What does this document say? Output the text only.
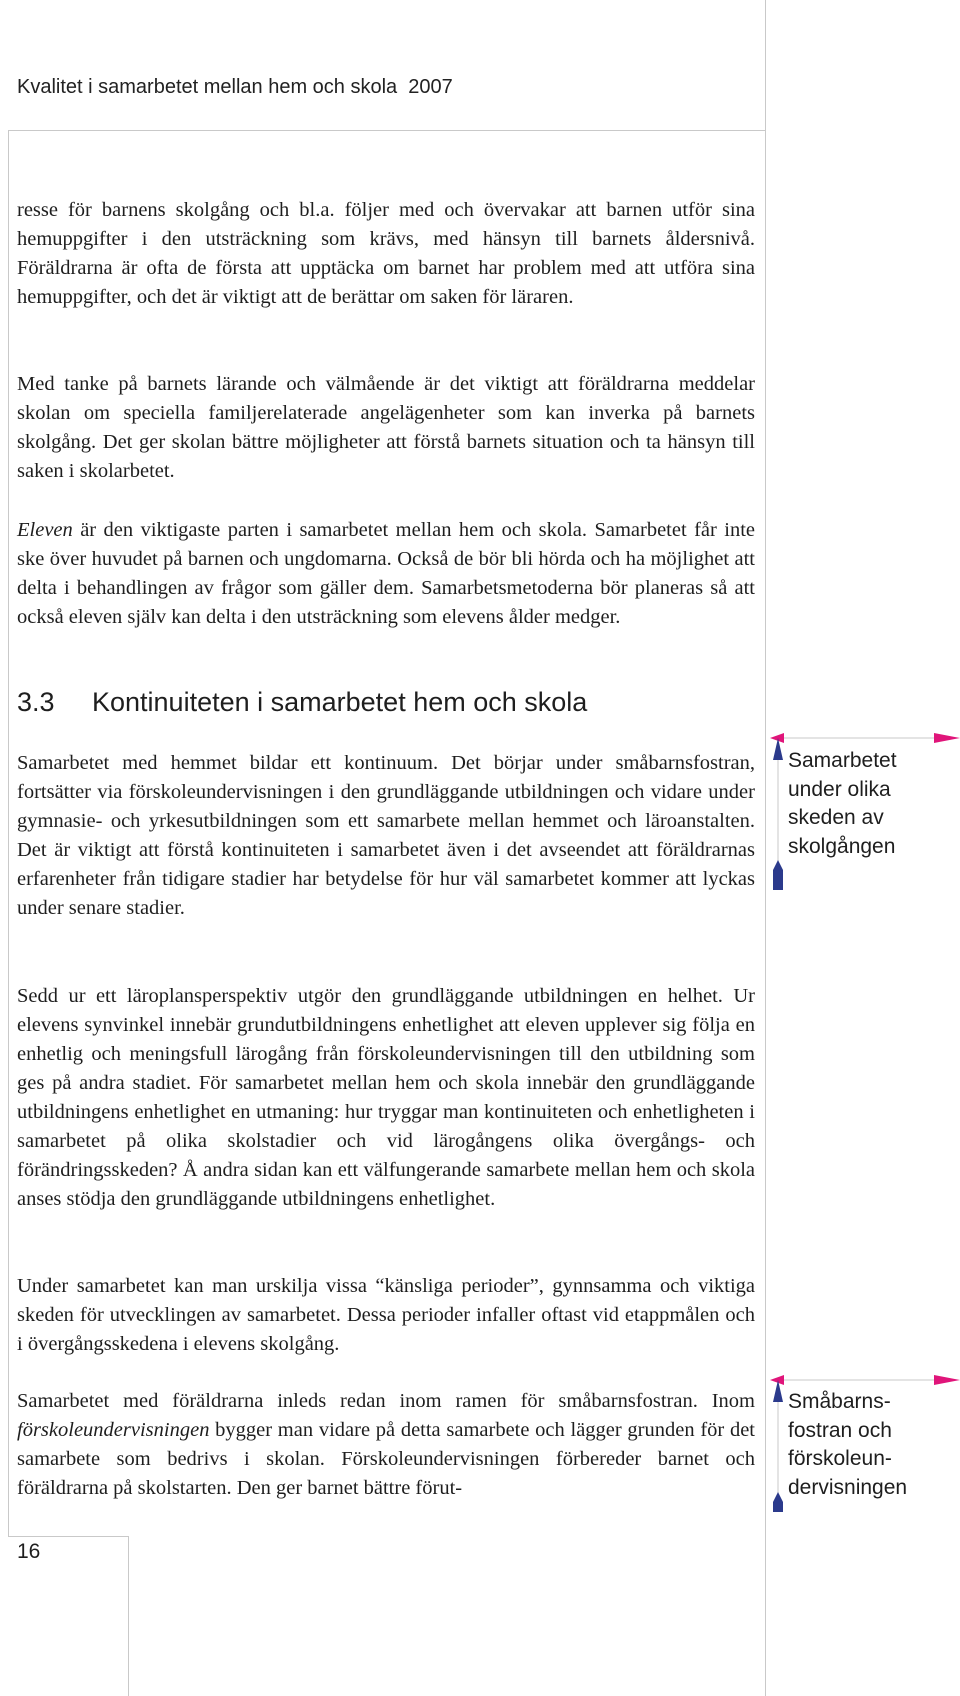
Kvalitet i samarbetet mellan hem och skola  2007

resse för barnens skolgång och bl.a. följer med och övervakar att barnen utför sina hemuppgifter i den utsträckning som krävs, med hänsyn till barnets åldersnivå. Föräldrarna är ofta de första att upptäcka om barnet har problem med att utföra sina hemuppgifter, och det är viktigt att de berättar om saken för läraren.

Med tanke på barnets lärande och välmående är det viktigt att föräldrarna meddelar skolan om speciella familjerelaterade angelägenheter som kan inverka på barnets skolgång. Det ger skolan bättre möjligheter att förstå barnets situation och ta hänsyn till saken i skolarbetet.

Eleven är den viktigaste parten i samarbetet mellan hem och skola. Samarbetet får inte ske över huvudet på barnen och ungdomarna. Också de bör bli hörda och ha möjlighet att delta i behandlingen av frågor som gäller dem. Samarbetsmetoderna bör planeras så att också eleven själv kan delta i den utsträckning som elevens ålder medger.

3.3 Kontinuiteten i samarbetet hem och skola

Samarbetet med hemmet bildar ett kontinuum. Det börjar under småbarnsfostran, fortsätter via förskoleundervisningen i den grundläggande utbildningen och vidare under gymnasie- och yrkesutbildningen som ett samarbete mellan hemmet och läroanstalten. Det är viktigt att förstå kontinuiteten i samarbetet även i det avseendet att föräldrarnas erfarenheter från tidigare stadier har betydelse för hur väl samarbetet kommer att lyckas under senare stadier.

Sedd ur ett läroplansperspektiv utgör den grundläggande utbildningen en helhet. Ur elevens synvinkel innebär grundutbildningens enhetlighet att eleven upplever sig följa en enhetlig och meningsfull lärogång från förskoleundervisningen till den utbildning som ges på andra stadiet. För samarbetet mellan hem och skola innebär den grundläggande utbildningens enhetlighet en utmaning: hur tryggar man kontinuiteten och enhetligheten i samarbetet på olika skolstadier och vid lärogångens olika övergångs- och förändringsskeden? Å andra sidan kan ett välfungerande samarbete mellan hem och skola anses stödja den grundläggande utbildningens enhetlighet.

Under samarbetet kan man urskilja vissa “känsliga perioder”, gynnsamma och viktiga skeden för utvecklingen av samarbetet. Dessa perioder infaller oftast vid etappmålen och i övergångsskedena i elevens skolgång.

Samarbetet med föräldrarna inleds redan inom ramen för småbarnsfostran. Inom förskoleundervisningen bygger man vidare på detta samarbete och lägger grunden för det samarbete som bedrivs i skolan. Förskoleundervisningen förbereder barnet och föräldrarna på skolstarten. Den ger barnet bättre förut-

Samarbetet
under olika
skeden av
skolgången
Småbarns-
fostran och
förskoleun-
dervisningen
16
